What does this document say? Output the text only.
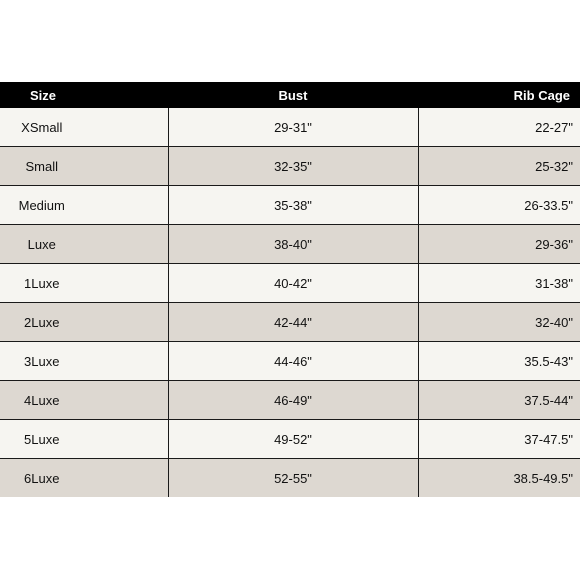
Size	Bust	Rib Cage
XSmall	29-31"	22-27"
Small	32-35"	25-32"
Medium	35-38"	26-33.5"
Luxe	38-40"	29-36"
1Luxe	40-42"	31-38"
2Luxe	42-44"	32-40"
3Luxe	44-46"	35.5-43"
4Luxe	46-49"	37.5-44"
5Luxe	49-52"	37-47.5"
6Luxe	52-55"	38.5-49.5"
